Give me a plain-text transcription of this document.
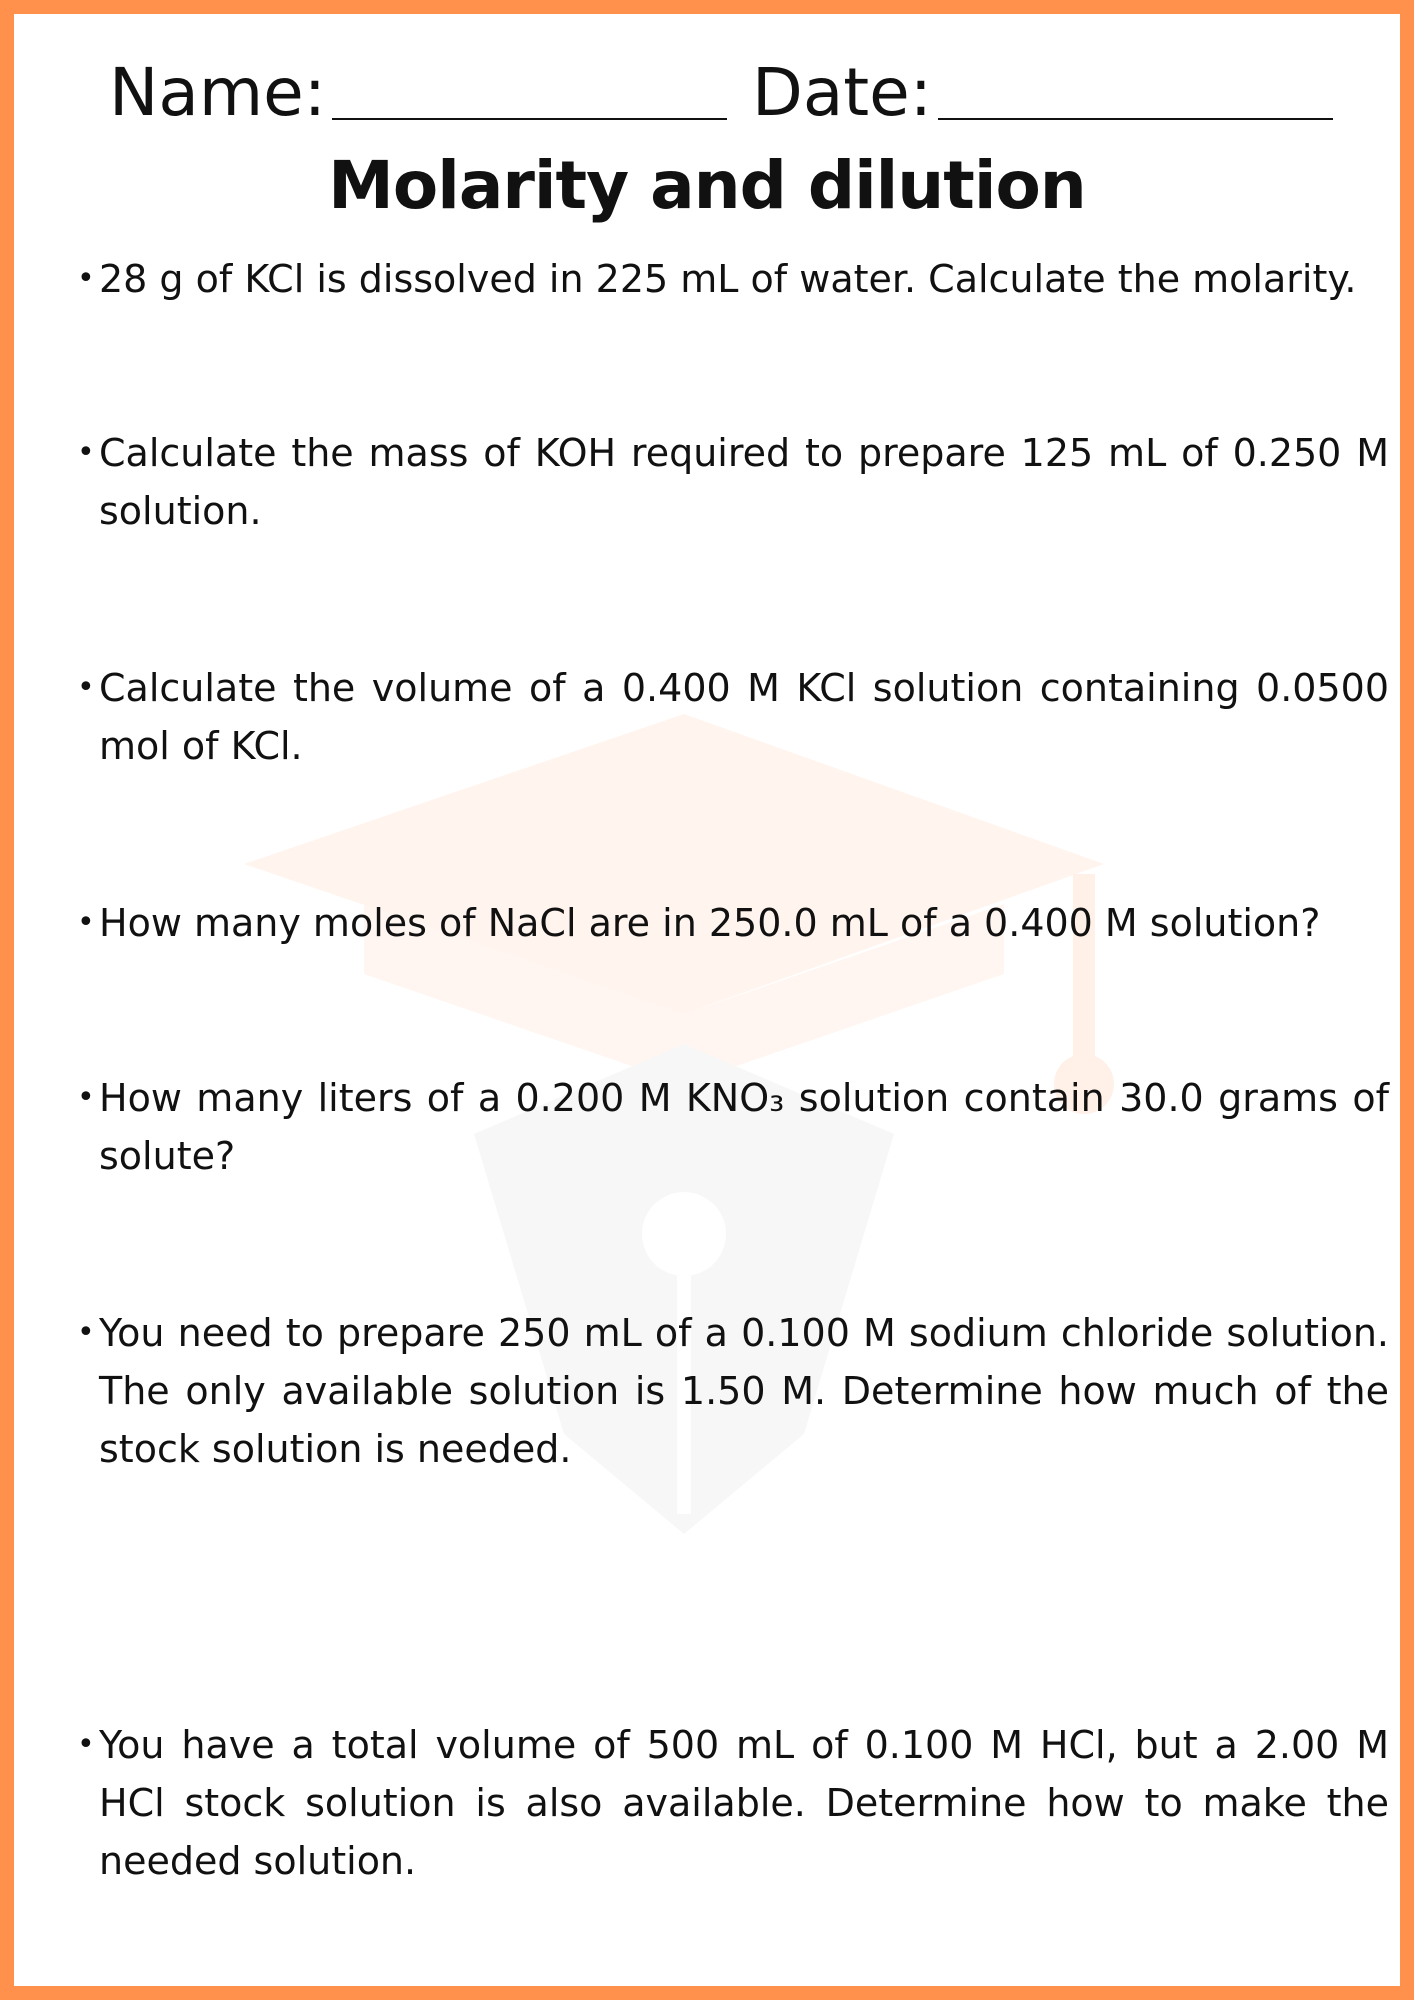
Name:	Date:
Molarity and dilution
• 28 g of KCl is dissolved in 225 mL of water. Calculate the molarity.
• Calculate the mass of KOH required to prepare 125 mL of 0.250 M solution.
• Calculate the volume of a 0.400 M KCl solution containing 0.0500 mol of KCl.
• How many moles of NaCl are in 250.0 mL of a 0.400 M solution?
• How many liters of a 0.200 M KNO₃ solution contain 30.0 grams of solute?
• You need to prepare 250 mL of a 0.100 M sodium chloride solution. The only available solution is 1.50 M. Determine how much of the stock solution is needed.
• You have a total volume of 500 mL of 0.100 M HCl, but a 2.00 M HCl stock solution is also available. Determine how to make the needed solution.
